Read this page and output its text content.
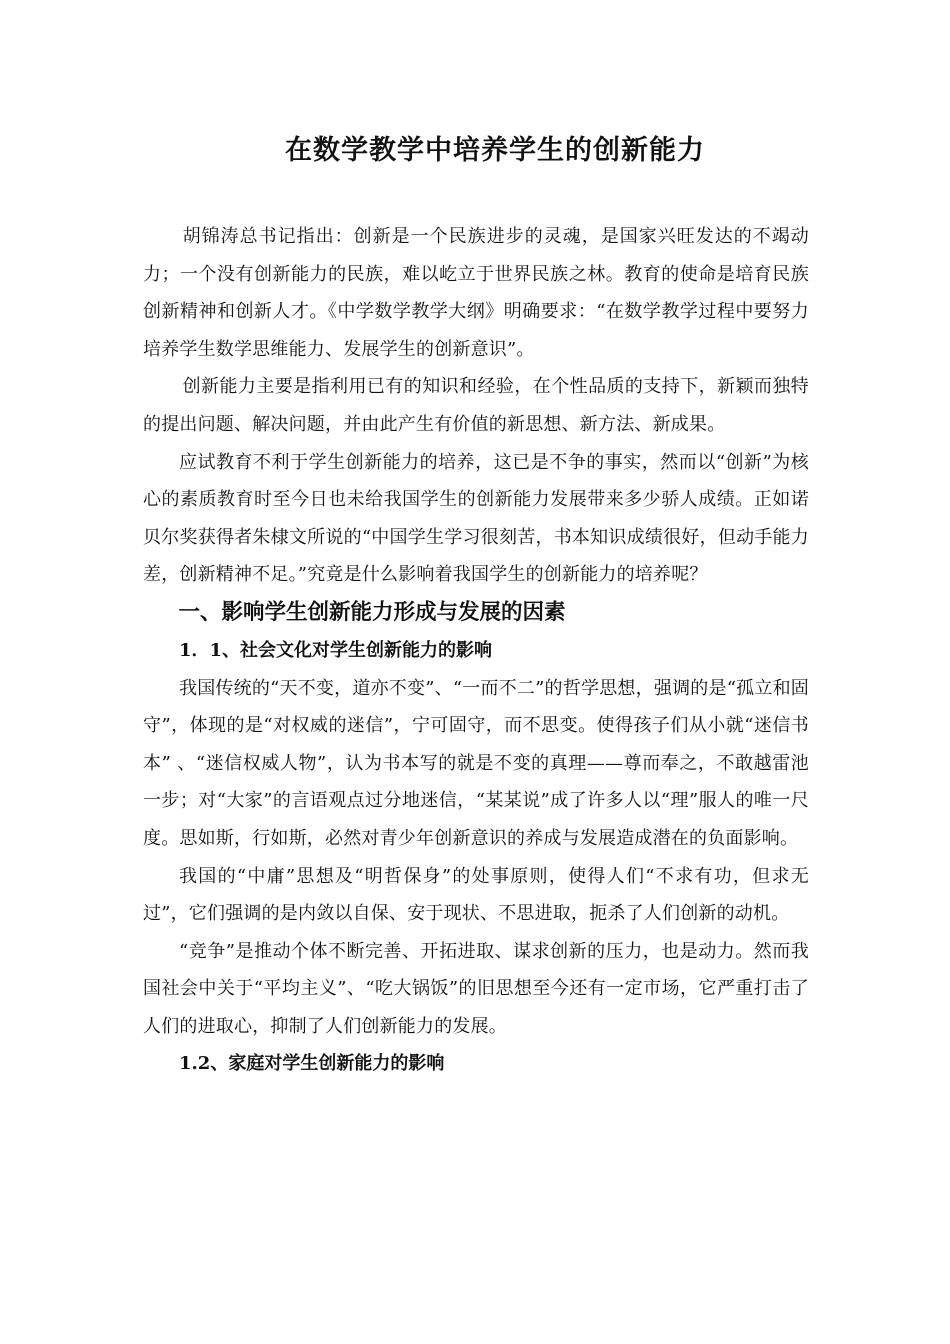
在数学教学中培养学生的创新能力

胡锦涛总书记指出：创新是一个民族进步的灵魂，是国家兴旺发达的不竭动力；一个没有创新能力的民族，难以屹立于世界民族之林。教育的使命是培育民族创新精神和创新人才。《中学数学教学大纲》明确要求：“在数学教学过程中要努力培养学生数学思维能力、发展学生的创新意识”。

创新能力主要是指利用已有的知识和经验，在个性品质的支持下，新颖而独特的提出问题、解决问题，并由此产生有价值的新思想、新方法、新成果。

应试教育不利于学生创新能力的培养，这已是不争的事实，然而以“创新”为核心的素质教育时至今日也未给我国学生的创新能力发展带来多少骄人成绩。正如诺贝尔奖获得者朱棣文所说的“中国学生学习很刻苦，书本知识成绩很好，但动手能力差，创新精神不足。”究竟是什么影响着我国学生的创新能力的培养呢？

一、影响学生创新能力形成与发展的因素
1．1、社会文化对学生创新能力的影响

我国传统的“天不变，道亦不变”、“一而不二”的哲学思想，强调的是“孤立和固守”，体现的是“对权威的迷信”，宁可固守，而不思变。使得孩子们从小就“迷信书本” 、“迷信权威人物”，认为书本写的就是不变的真理——尊而奉之，不敢越雷池一步；对“大家”的言语观点过分地迷信，“某某说”成了许多人以“理”服人的唯一尺度。思如斯，行如斯，必然对青少年创新意识的养成与发展造成潜在的负面影响。

我国的“中庸”思想及“明哲保身”的处事原则，使得人们“不求有功，但求无过”，它们强调的是内敛以自保、安于现状、不思进取，扼杀了人们创新的动机。

“竞争”是推动个体不断完善、开拓进取、谋求创新的压力，也是动力。然而我国社会中关于“平均主义”、“吃大锅饭”的旧思想至今还有一定市场，它严重打击了人们的进取心，抑制了人们创新能力的发展。

1.2、家庭对学生创新能力的影响
